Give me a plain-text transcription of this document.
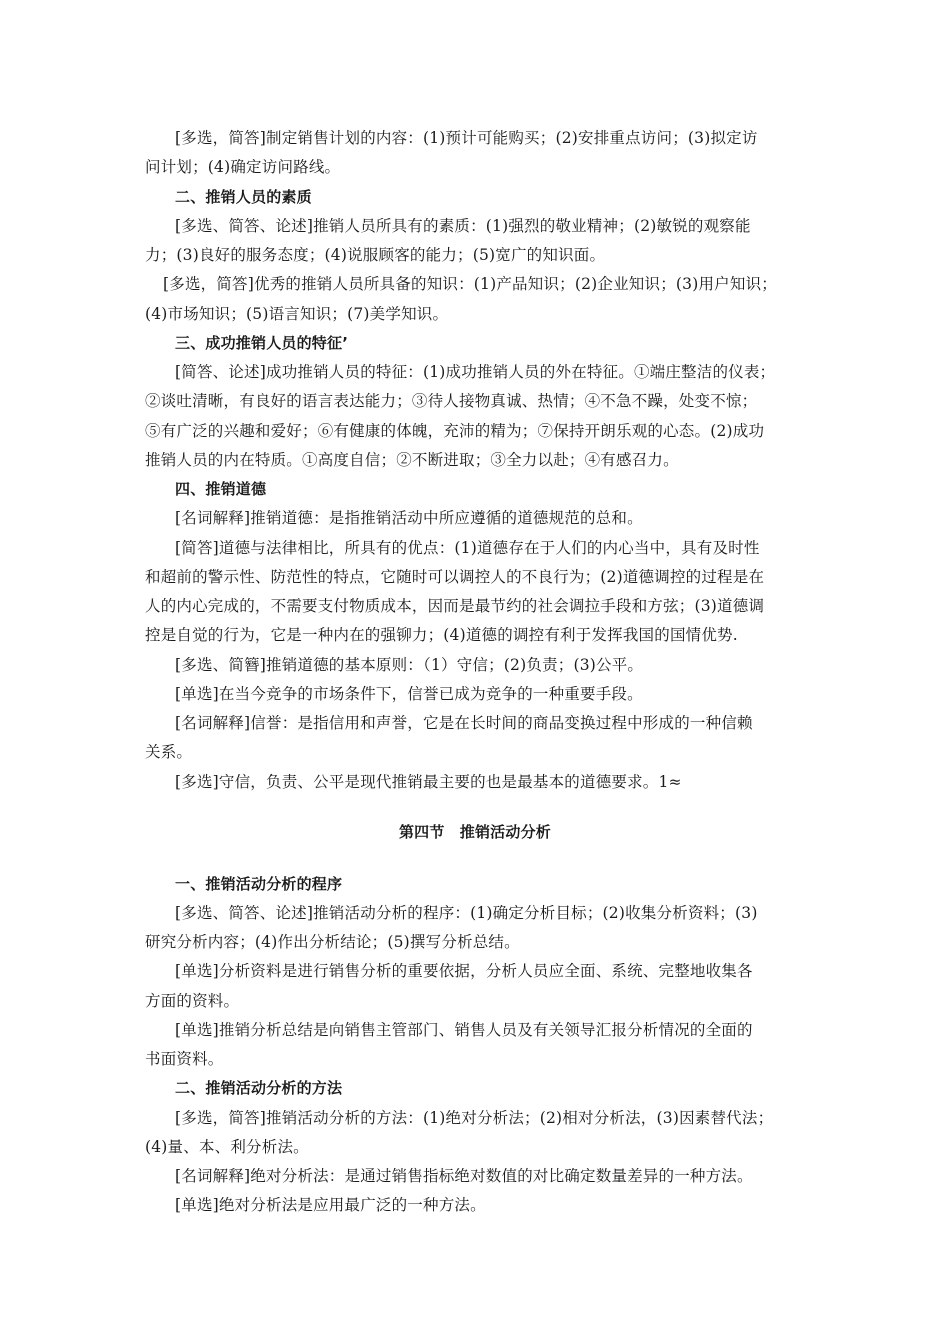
[多选，简答]制定销售计划的内容：(1)预计可能购买；(2)安排重点访问；(3)拟定访
问计划；(4)确定访问路线。
二、推销人员的素质
[多选、简答、论述]推销人员所具有的素质：(1)强烈的敬业精神；(2)敏锐的观察能
力；(3)良好的服务态度；(4)说服顾客的能力；(5)宽广的知识面。
[多选，简答]优秀的推销人员所具备的知识：(1)产品知识；(2)企业知识；(3)用户知识；
(4)市场知识；(5)语言知识；(7)美学知识。
三、成功推销人员的特征’
[简答、论述]成功推销人员的特征：(1)成功推销人员的外在特征。①端庄整洁的仪表；
②谈吐清晰，有良好的语言表达能力；③待人接物真诚、热情；④不急不躁，处变不惊；
⑤有广泛的兴趣和爱好；⑥有健康的体魄，充沛的精为；⑦保持开朗乐观的心态。(2)成功
推销人员的内在特质。①高度自信；②不断进取；③全力以赴；④有感召力。
四、推销道德
[名词解释]推销道德：是指推销活动中所应遵循的道德规范的总和。
[简答]道德与法律相比，所具有的优点：(1)道德存在于人们的内心当中，具有及时性
和超前的警示性、防范性的特点，它随时可以调控人的不良行为；(2)道德调控的过程是在
人的内心完成的，不需要支付物质成本，因而是最节约的社会调拉手段和方弦；(3)道德调
控是自觉的行为，它是一种内在的强铆力；(4)道德的调控有利于发挥我国的国情优势.
[多选、简簪]推销道德的基本原则：（1）守信；(2)负责；(3)公平。
[单选]在当今竞争的市场条件下，信誉已成为竞争的一种重要手段。
[名词解释]信誉：是指信用和声誉，它是在长时间的商品变换过程中形成的一种信赖
关系。
[多选]守信，负责、公平是现代推销最主要的也是最基本的道德要求。1≈
第四节　推销活动分析
一、推销活动分析的程序
[多选、简答、论述]推销活动分析的程序：(1)确定分析目标；(2)收集分析资料；(3)
研究分析内容；(4)作出分析结论；(5)撰写分析总结。
[单选]分析资料是进行销售分析的重要依据，分析人员应全面、系统、完整地收集各
方面的资料。
[单选]推销分析总结是向销售主管部门、销售人员及有关领导汇报分析情况的全面的
书面资料。
二、推销活动分析的方法
[多选，简答]推销活动分析的方法：(1)绝对分析法；(2)相对分析法，(3)因素替代法；
(4)量、本、利分析法。
[名词解释]绝对分析法：是通过销售指标绝对数值的对比确定数量差异的一种方法。
[单选]绝对分析法是应用最广泛的一种方法。
